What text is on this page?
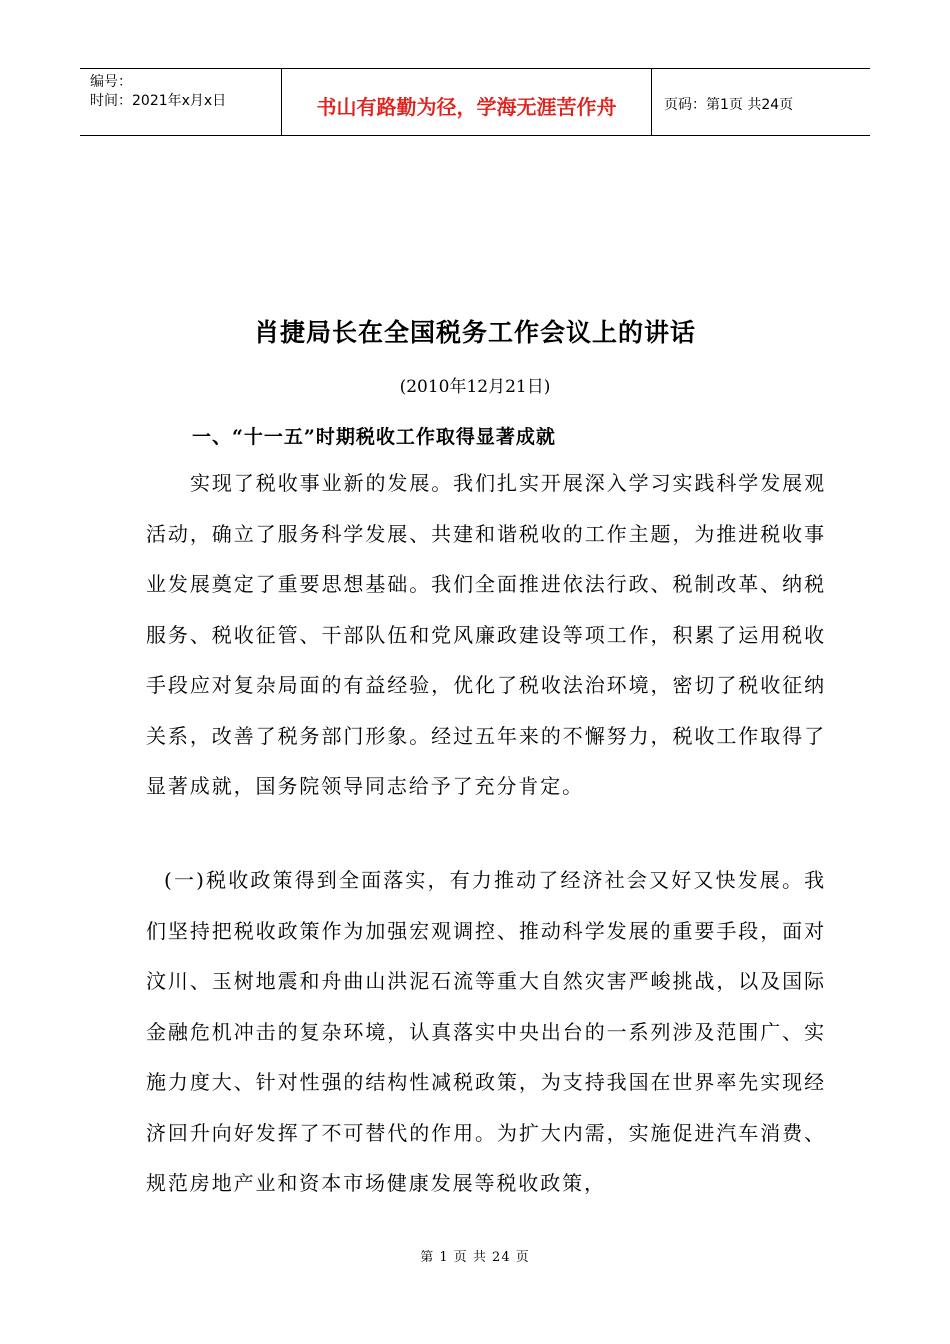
编号：
时间：2021年x月x日	书山有路勤为径，学海无涯苦作舟	页码：第1页 共24页
肖捷局长在全国税务工作会议上的讲话
(2010年12月21日)
一、“十一五”时期税收工作取得显著成就
实现了税收事业新的发展。我们扎实开展深入学习实践科学发展观活动，确立了服务科学发展、共建和谐税收的工作主题，为推进税收事业发展奠定了重要思想基础。我们全面推进依法行政、税制改革、纳税服务、税收征管、干部队伍和党风廉政建设等项工作，积累了运用税收手段应对复杂局面的有益经验，优化了税收法治环境，密切了税收征纳关系，改善了税务部门形象。经过五年来的不懈努力，税收工作取得了显著成就，国务院领导同志给予了充分肯定。
(一)税收政策得到全面落实，有力推动了经济社会又好又快发展。我们坚持把税收政策作为加强宏观调控、推动科学发展的重要手段，面对汶川、玉树地震和舟曲山洪泥石流等重大自然灾害严峻挑战，以及国际金融危机冲击的复杂环境，认真落实中央出台的一系列涉及范围广、实施力度大、针对性强的结构性减税政策，为支持我国在世界率先实现经济回升向好发挥了不可替代的作用。为扩大内需，实施促进汽车消费、规范房地产业和资本市场健康发展等税收政策，
第 1 页 共 24 页
